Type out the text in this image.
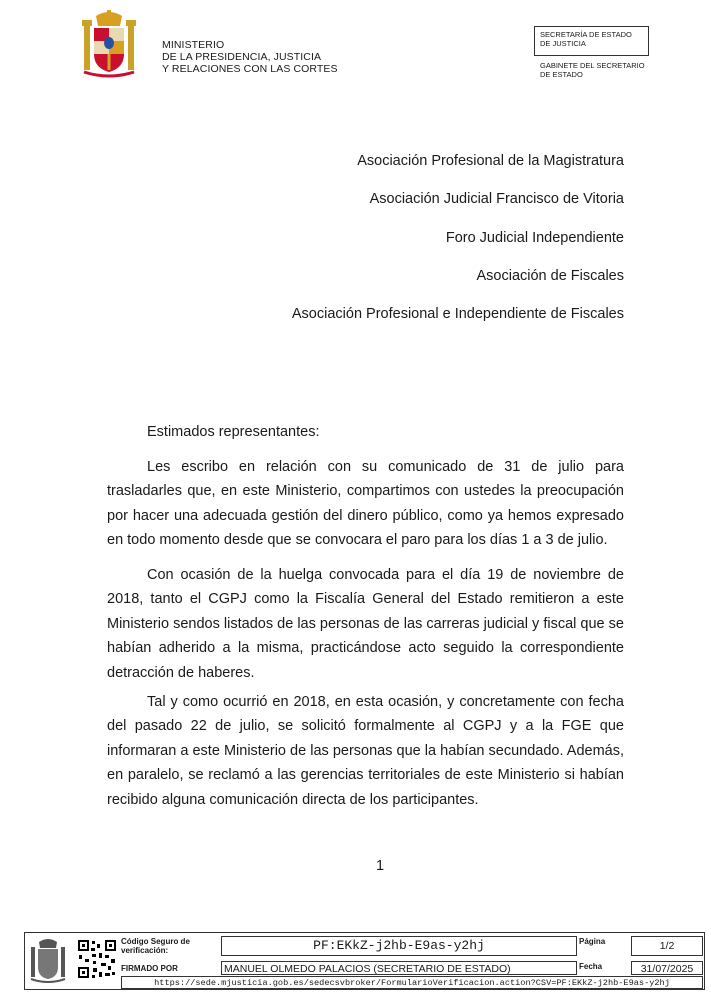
MINISTERIO
DE LA PRESIDENCIA, JUSTICIA
Y RELACIONES CON LAS CORTES
SECRETARÍA DE ESTADO
DE JUSTICIA
GABINETE DEL SECRETARIO
DE ESTADO
Asociación Profesional de la Magistratura
Asociación Judicial Francisco de Vitoria
Foro Judicial Independiente
Asociación de Fiscales
Asociación Profesional e Independiente de Fiscales
Estimados representantes:

Les escribo en relación con su comunicado de 31 de julio para trasladarles que, en este Ministerio, compartimos con ustedes la preocupación por hacer una adecuada gestión del dinero público, como ya hemos expresado en todo momento desde que se convocara el paro para los días 1 a 3 de julio.

Con ocasión de la huelga convocada para el día 19 de noviembre de 2018, tanto el CGPJ como la Fiscalía General del Estado remitieron a este Ministerio sendos listados de las personas de las carreras judicial y fiscal que se habían adherido a la misma, practicándose acto seguido la correspondiente detracción de haberes.

Tal y como ocurrió en 2018, en esta ocasión, y concretamente con fecha del pasado 22 de julio, se solicitó formalmente al CGPJ y a la FGE que informaran a este Ministerio de las personas que la habían secundado. Además, en paralelo, se reclamó a las gerencias territoriales de este Ministerio si habían recibido alguna comunicación directa de los participantes.

1
Código Seguro de verificación:
FIRMADO POR
PF:EKkZ-j2hb-E9as-y2hj
MANUEL OLMEDO PALACIOS (SECRETARIO DE ESTADO)
Página	1/2
Fecha	31/07/2025
https://sede.mjusticia.gob.es/sedecsvbroker/FormularioVerificacion.action?CSV=PF:EKkZ-j2hb-E9as-y2hj
